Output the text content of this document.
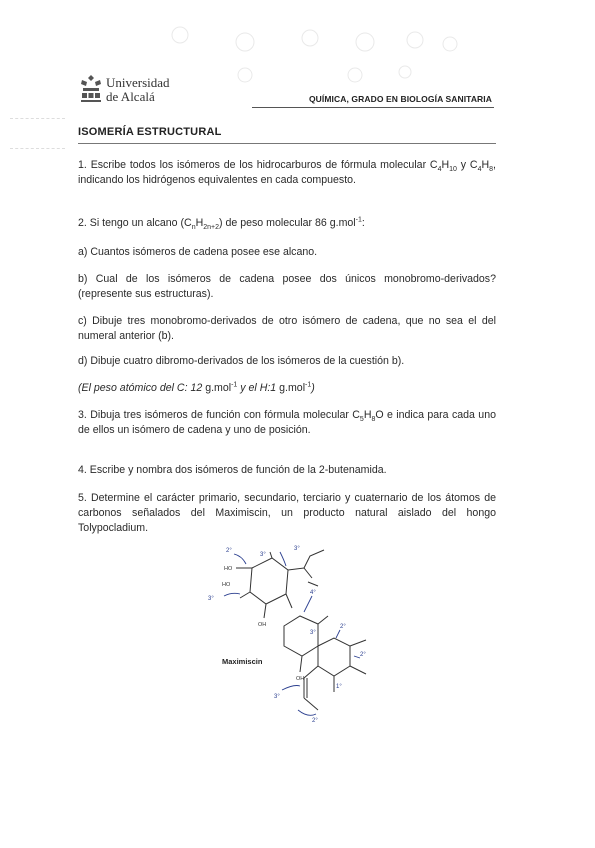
Universidad
de Alcalá	QUÍMICA, GRADO EN BIOLOGÍA SANITARIA
ISOMERÍA ESTRUCTURAL
1. Escribe todos los isómeros de los hidrocarburos de fórmula molecular $C_4H_{10}$ y $C_4H_8$, indicando los hidrógenos equivalentes en cada compuesto.
2. Si tengo un alcano $(C_nH_{2n+2})$ de peso molecular 86 g.mol$^{-1}$:
a) Cuantos isómeros de cadena posee ese alcano.
b) Cual de los isómeros de cadena posee dos únicos monobromo-derivados? (represente sus estructuras).
c) Dibuje tres monobromo-derivados de otro isómero de cadena, que no sea el del numeral anterior (b).
d) Dibuje cuatro dibromo-derivados de los isómeros de la cuestión b).
(El peso atómico del C: 12 g.mol$^{-1}$ y el H:1 g.mol$^{-1}$)
3. Dibuja tres isómeros de función con fórmula molecular $C_5H_8O$ e indica para cada uno de ellos un isómero de cadena y uno de posición.
4. Escribe y nombra dos isómeros de función de la 2-butenamida.
5. Determine el carácter primario, secundario, terciario y cuaternario de los átomos de carbonos señalados del Maximiscin, un producto natural aislado del hongo Tolypocladium.
2°
3°
3°
3°
4°
3°
2°
2°
3°
2°
1°
HO
HO
OH
OH
Maximiscin
